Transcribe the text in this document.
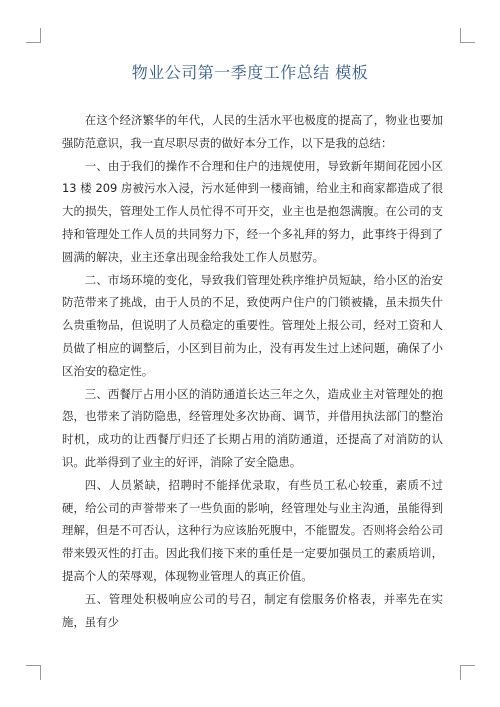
物业公司第一季度工作总结 模板

在这个经济繁华的年代，人民的生活水平也极度的提高了，物业也要加强防范意识，我一直尽职尽责的做好本分工作，以下是我的总结：

一、由于我们的操作不合理和住户的违规使用，导致新年期间花园小区 13 楼 209 房被污水入浸，污水延伸到一楼商铺，给业主和商家都造成了很大的损失，管理处工作人员忙得不可开交，业主也是抱怨满腹。在公司的支持和管理处工作人员的共同努力下，经一个多礼拜的努力，此事终于得到了圆满的解决，业主还拿出现金给我处工作人员慰劳。

二、市场环境的变化，导致我们管理处秩序维护员短缺，给小区的治安防范带来了挑战，由于人员的不足，致使两户住户的门锁被撬，虽未损失什么贵重物品，但说明了人员稳定的重要性。管理处上报公司，经对工资和人员做了相应的调整后，小区到目前为止，没有再发生过上述问题，确保了小区治安的稳定性。

三、西餐厅占用小区的消防通道长达三年之久，造成业主对管理处的抱怨，也带来了消防隐患，经管理处多次协商、调节，并借用执法部门的整治时机，成功的让西餐厅归还了长期占用的消防通道，还提高了对消防的认识。此举得到了业主的好评，消除了安全隐患。

四、人员紧缺，招聘时不能择优录取，有些员工私心较重，素质不过硬，给公司的声誉带来了一些负面的影响，经管理处与业主沟通，虽能得到理解，但是不可否认，这种行为应该胎死腹中，不能盟发。否则将会给公司带来毁灭性的打击。因此我们接下来的重任是一定要加强员工的素质培训，提高个人的荣辱观，体现物业管理人的真正价值。

五、管理处积极响应公司的号召，制定有偿服务价格表，并率先在实施，虽有少
